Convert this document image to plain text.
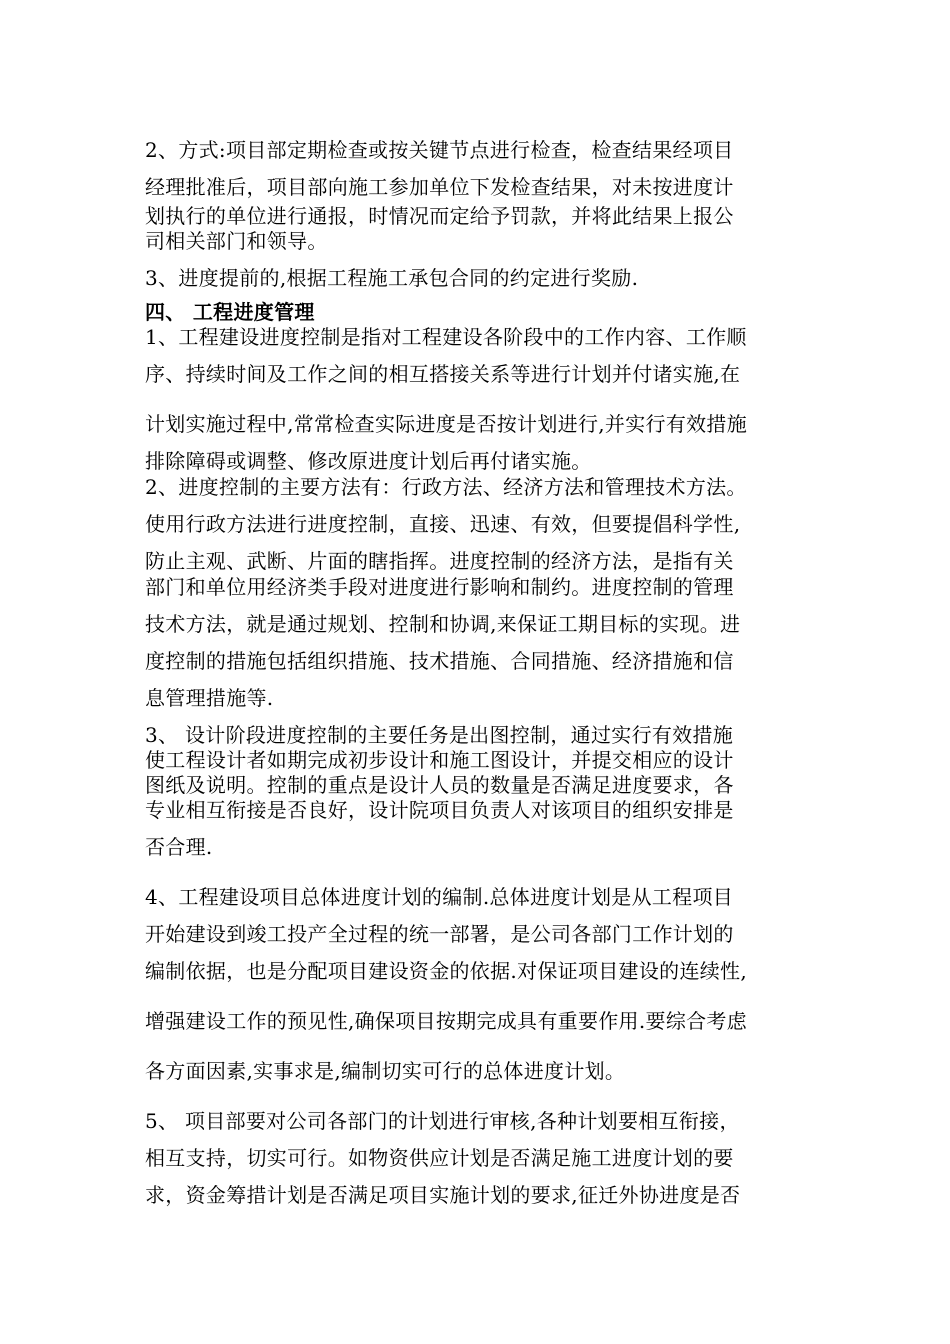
2、方式:项目部定期检查或按关键节点进行检查，检查结果经项目
经理批准后，项目部向施工参加单位下发检查结果，对未按进度计
划执行的单位进行通报，时情况而定给予罚款，并将此结果上报公
司相关部门和领导。
3、进度提前的,根据工程施工承包合同的约定进行奖励.
四、 工程进度管理
1、工程建设进度控制是指对工程建设各阶段中的工作内容、工作顺
序、持续时间及工作之间的相互搭接关系等进行计划并付诸实施,在
计划实施过程中,常常检查实际进度是否按计划进行,并实行有效措施
排除障碍或调整、修改原进度计划后再付诸实施。
2、进度控制的主要方法有：行政方法、经济方法和管理技术方法。
使用行政方法进行进度控制，直接、迅速、有效，但要提倡科学性,
防止主观、武断、片面的瞎指挥。进度控制的经济方法，是指有关
部门和单位用经济类手段对进度进行影响和制约。进度控制的管理
技术方法，就是通过规划、控制和协调,来保证工期目标的实现。进
度控制的措施包括组织措施、技术措施、合同措施、经济措施和信
息管理措施等.
3、 设计阶段进度控制的主要任务是出图控制，通过实行有效措施
使工程设计者如期完成初步设计和施工图设计，并提交相应的设计
图纸及说明。控制的重点是设计人员的数量是否满足进度要求，各
专业相互衔接是否良好，设计院项目负责人对该项目的组织安排是
否合理.
4、工程建设项目总体进度计划的编制.总体进度计划是从工程项目
开始建设到竣工投产全过程的统一部署，是公司各部门工作计划的
编制依据，也是分配项目建设资金的依据.对保证项目建设的连续性,
增强建设工作的预见性,确保项目按期完成具有重要作用.要综合考虑
各方面因素,实事求是,编制切实可行的总体进度计划。
5、 项目部要对公司各部门的计划进行审核,各种计划要相互衔接，
相互支持，切实可行。如物资供应计划是否满足施工进度计划的要
求，资金筹措计划是否满足项目实施计划的要求,征迁外协进度是否
